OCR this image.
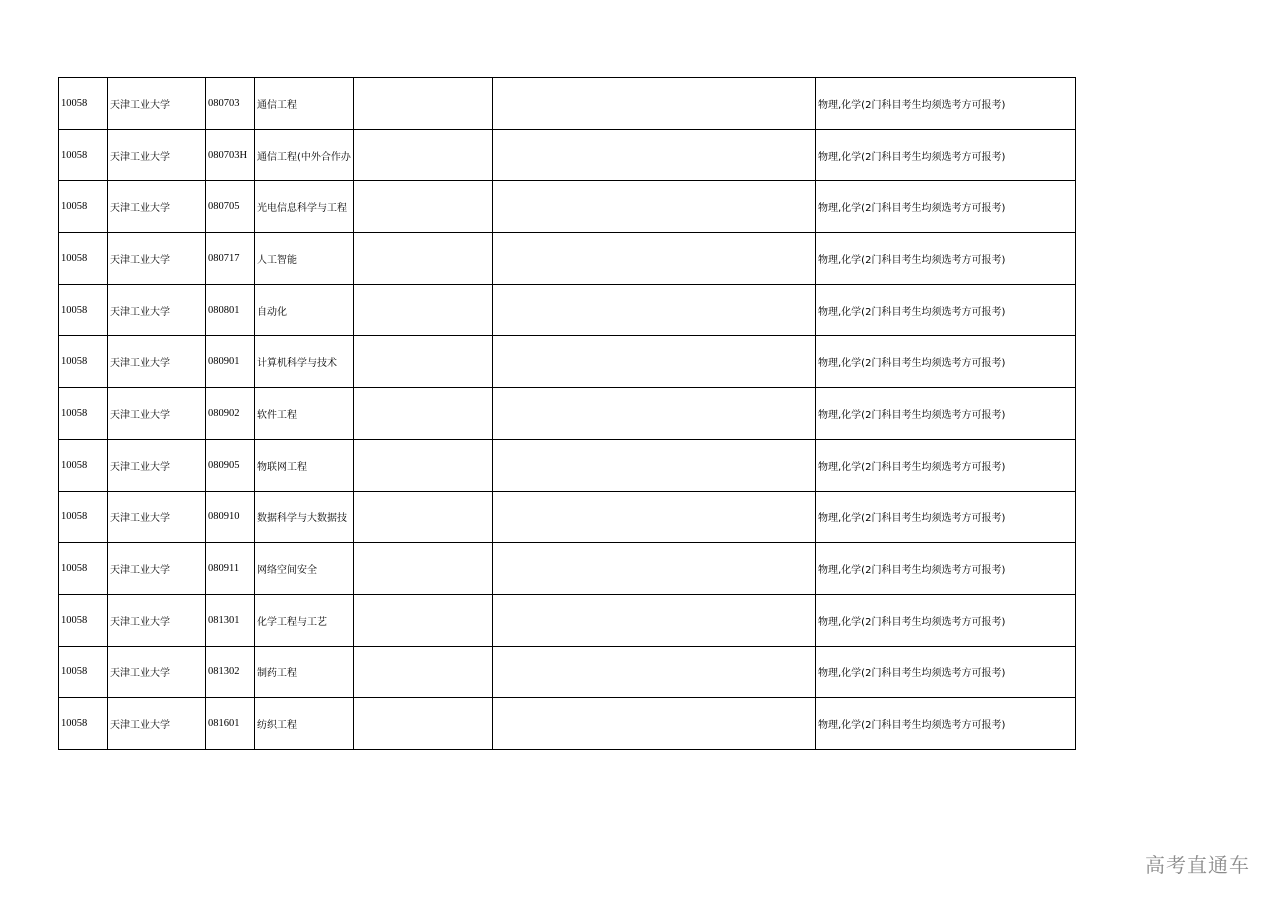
10058	天津工业大学	080703	通信工程			物理,化学(2门科目考生均须选考方可报考)
10058	天津工业大学	080703H	通信工程(中外合作办			物理,化学(2门科目考生均须选考方可报考)
10058	天津工业大学	080705	光电信息科学与工程			物理,化学(2门科目考生均须选考方可报考)
10058	天津工业大学	080717	人工智能			物理,化学(2门科目考生均须选考方可报考)
10058	天津工业大学	080801	自动化			物理,化学(2门科目考生均须选考方可报考)
10058	天津工业大学	080901	计算机科学与技术			物理,化学(2门科目考生均须选考方可报考)
10058	天津工业大学	080902	软件工程			物理,化学(2门科目考生均须选考方可报考)
10058	天津工业大学	080905	物联网工程			物理,化学(2门科目考生均须选考方可报考)
10058	天津工业大学	080910	数据科学与大数据技			物理,化学(2门科目考生均须选考方可报考)
10058	天津工业大学	080911	网络空间安全			物理,化学(2门科目考生均须选考方可报考)
10058	天津工业大学	081301	化学工程与工艺			物理,化学(2门科目考生均须选考方可报考)
10058	天津工业大学	081302	制药工程			物理,化学(2门科目考生均须选考方可报考)
10058	天津工业大学	081601	纺织工程			物理,化学(2门科目考生均须选考方可报考)
高考直通车
